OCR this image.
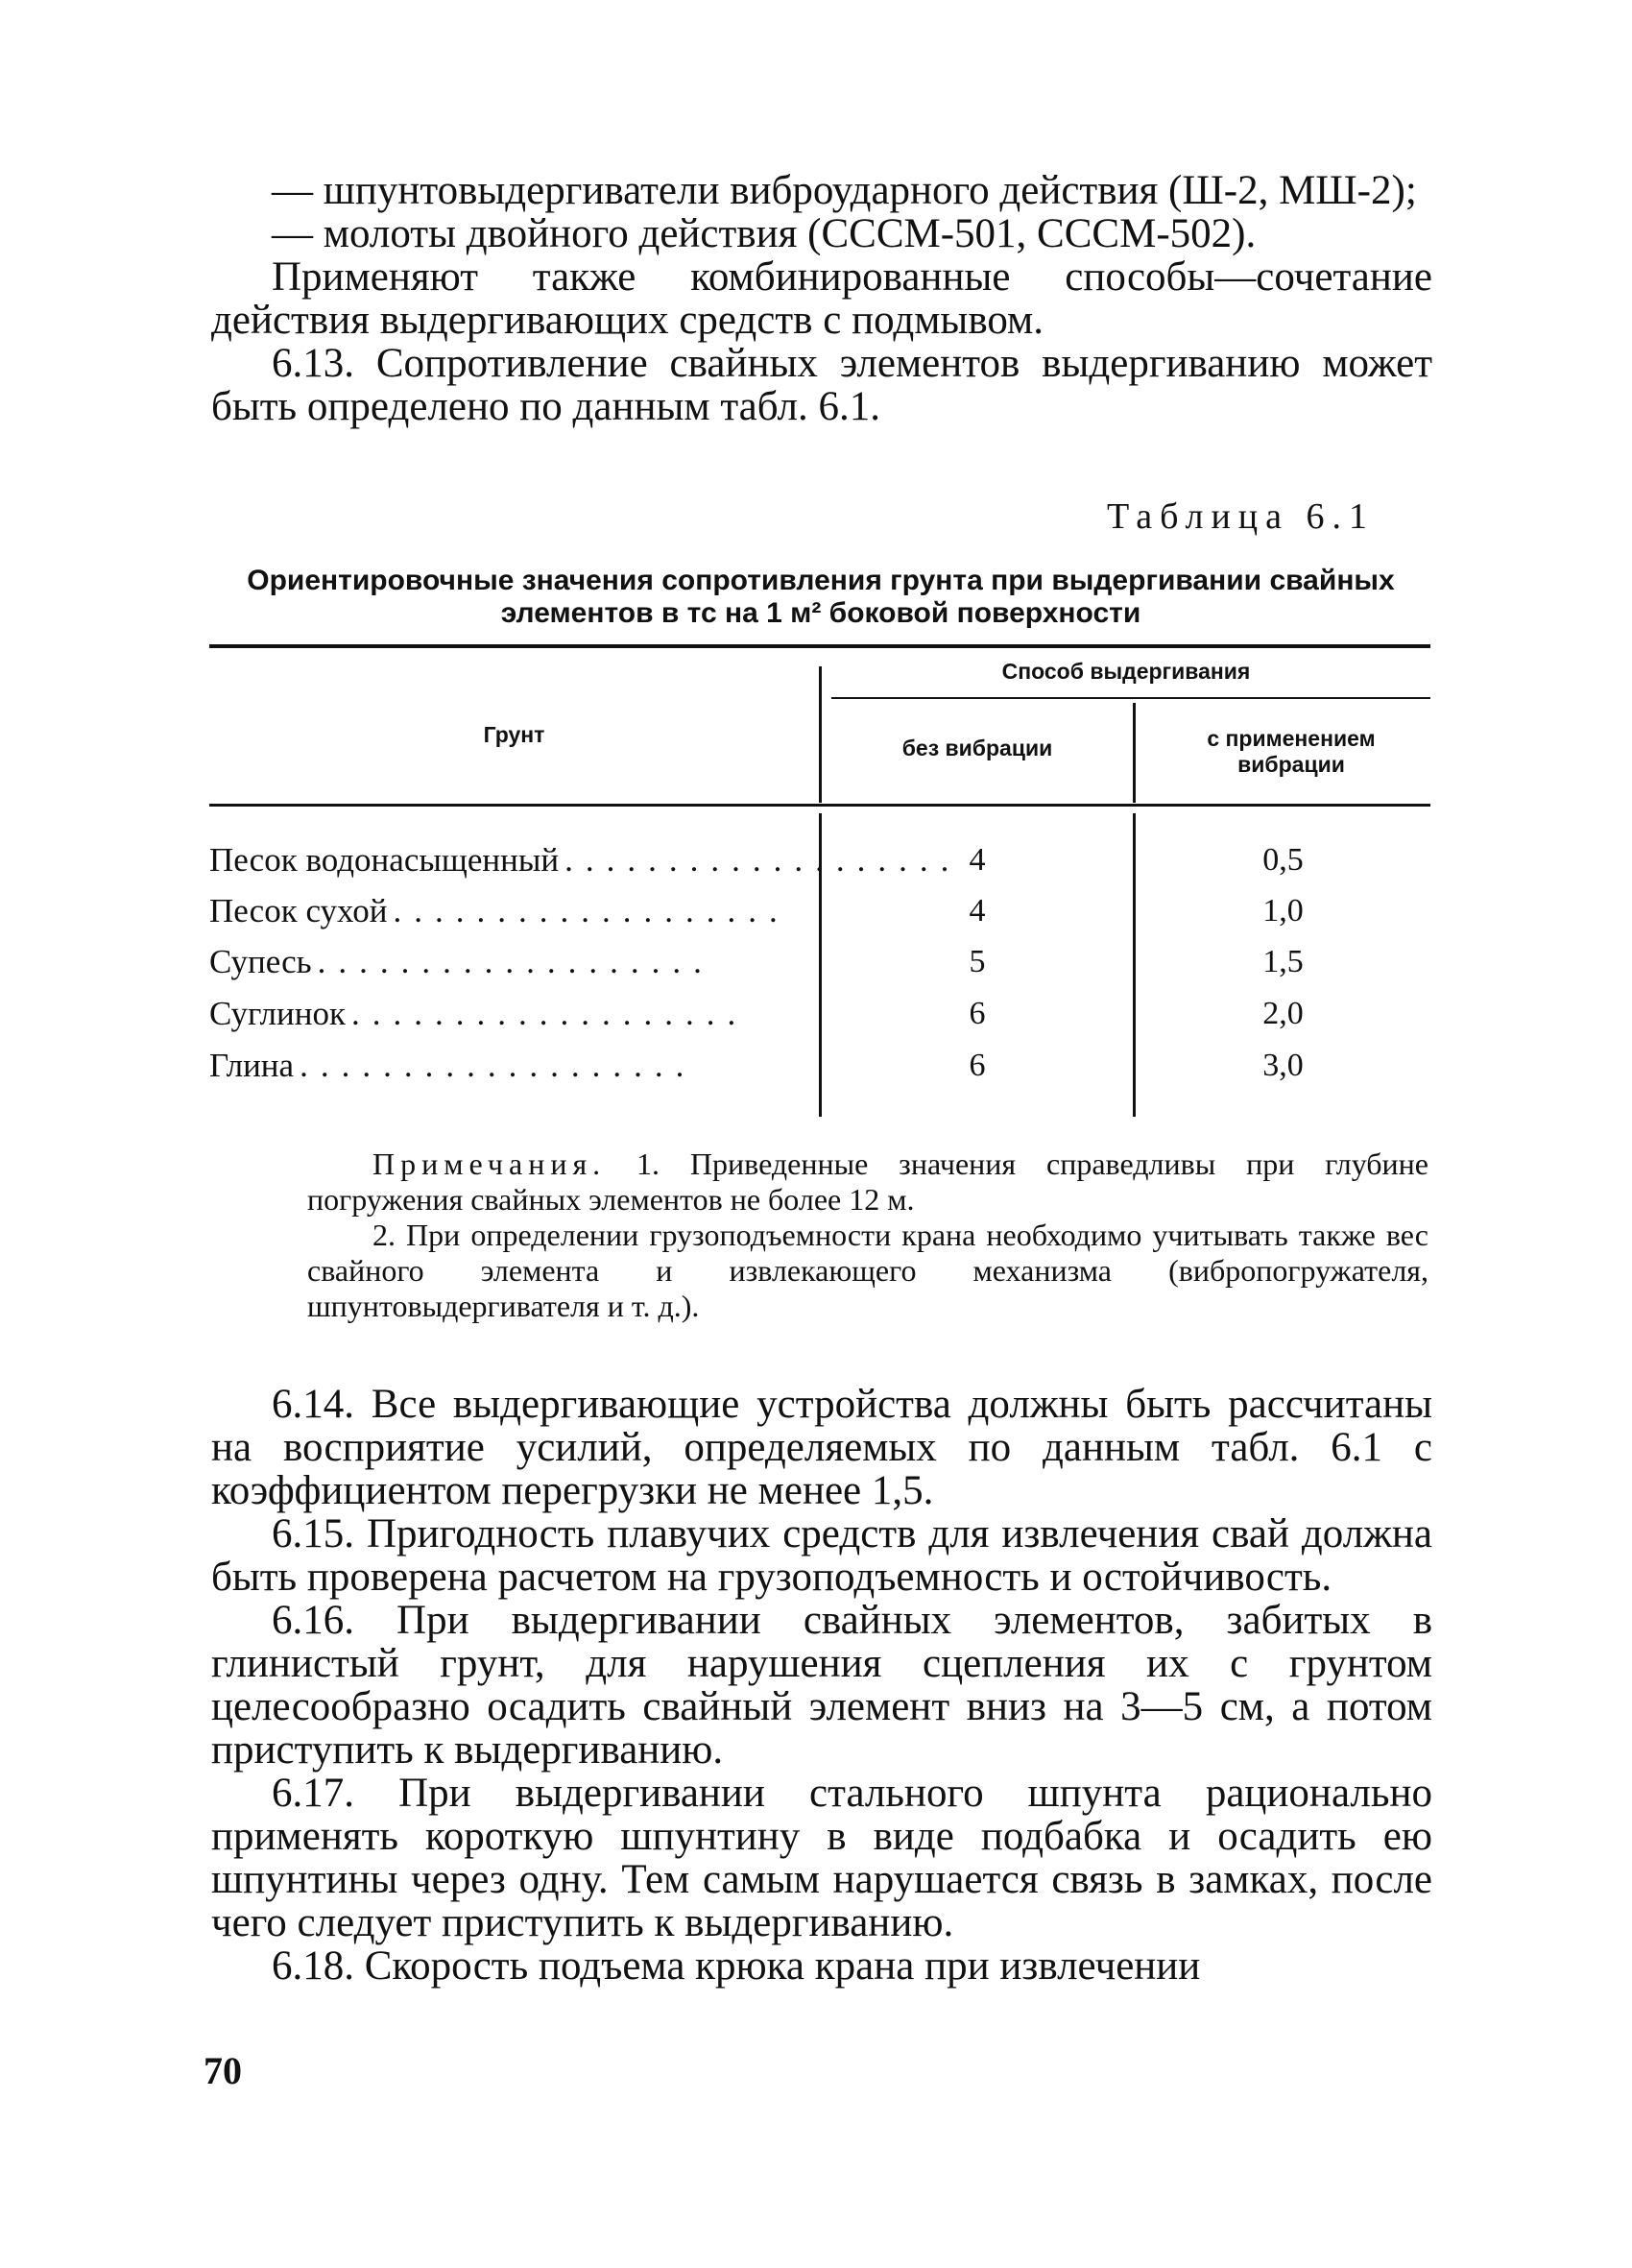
— шпунтовыдергиватели виброударного действия (Ш-2, МШ-2);

— молоты двойного действия (СССМ-501, СССМ-502).

Применяют также комбинированные способы—сочетание действия выдергивающих средств с подмывом.

6.13. Сопротивление свайных элементов выдергиванию может быть определено по данным табл. 6.1.

Таблица 6.1
Ориентировочные значения сопротивления грунта при выдергивании свайных элементов в тс на 1 м² боковой поверхности
Грунт
Способ выдергивания
без вибрации	с применением вибрации
Песок водонасыщенный ................... 4	0,5
Песок сухой ...................	4	1,0
Супесь ...................	5	1,5
Суглинок ...................	6	2,0
Глина ...................	6	3,0

Примечания. 1. Приведенные значения справедливы при глубине погружения свайных элементов не более 12 м.

2. При определении грузоподъемности крана необходимо учитывать также вес свайного элемента и извлекающего механизма (вибропогружателя, шпунтовыдергивателя и т. д.).

6.14. Все выдергивающие устройства должны быть рассчитаны на восприятие усилий, определяемых по данным табл. 6.1 с коэффициентом перегрузки не менее 1,5.

6.15. Пригодность плавучих средств для извлечения свай должна быть проверена расчетом на грузоподъемность и остойчивость.

6.16. При выдергивании свайных элементов, забитых в глинистый грунт, для нарушения сцепления их с грунтом целесообразно осадить свайный элемент вниз на 3—5 см, а потом приступить к выдергиванию.

6.17. При выдергивании стального шпунта рационально применять короткую шпунтину в виде подбабка и осадить ею шпунтины через одну. Тем самым нарушается связь в замках, после чего следует приступить к выдергиванию.

6.18. Скорость подъема крюка крана при извлечении

70
